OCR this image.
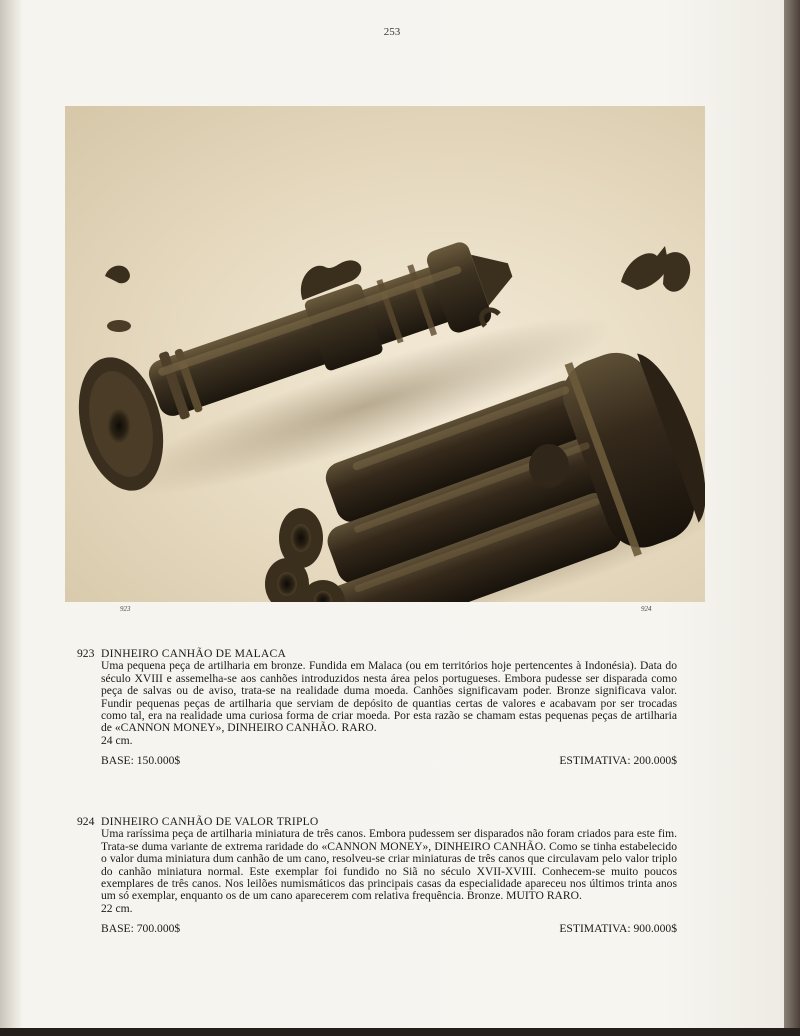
253
923	924
923 DINHEIRO CANHÃO DE MALACA

Uma pequena peça de artilharia em bronze. Fundida em Malaca (ou em territórios hoje pertencentes à Indonésia). Data do século XVIII e assemelha-se aos canhões introduzidos nesta área pelos portugueses. Embora pudesse ser disparada como peça de salvas ou de aviso, trata-se na realidade duma moeda. Canhões significavam poder. Bronze significava valor. Fundir pequenas peças de artilharia que serviam de depósito de quantias certas de valores e acabavam por ser trocadas como tal, era na realidade uma curiosa forma de criar moeda. Por esta razão se chamam estas pequenas peças de artilharia de «CANNON MONEY», DINHEIRO CANHÃO. RARO.

24 cm.

BASE: 150.000$	ESTIMATIVA: 200.000$
924 DINHEIRO CANHÃO DE VALOR TRIPLO

Uma raríssima peça de artilharia miniatura de três canos. Embora pudessem ser disparados não foram criados para este fim. Trata-se duma variante de extrema raridade do «CANNON MONEY», DINHEIRO CANHÃO. Como se tinha estabelecido o valor duma miniatura dum canhão de um cano, resolveu-se criar miniaturas de três canos que circulavam pelo valor triplo do canhão miniatura normal. Este exemplar foi fundido no Siã no século XVII-XVIII. Conhecem-se muito poucos exemplares de três canos. Nos leilões numismáticos das principais casas da especialidade apareceu nos últimos trinta anos um só exemplar, enquanto os de um cano aparecerem com relativa frequência. Bronze. MUITO RARO.

22 cm.

BASE: 700.000$	ESTIMATIVA: 900.000$
